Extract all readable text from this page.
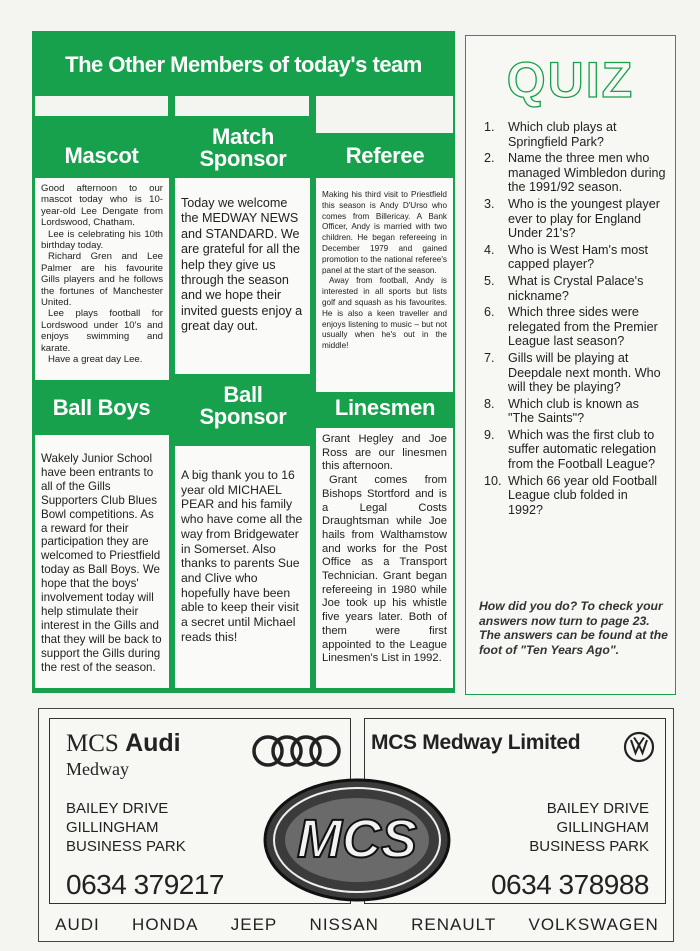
The Other Members of today's team
Mascot
Match
Sponsor	Referee

Good afternoon to our mascot today who is 10-year-old Lee Dengate from Lordswood, Chatham.

Lee is celebrating his 10th birthday today.

Richard Gren and Lee Palmer are his favourite Gills players and he follows the fortunes of Manchester United.

Lee plays football for Lordswood under 10's and enjoys swimming and karate.

Have a great day Lee.

Today we welcome the MEDWAY NEWS and STANDARD. We are grateful for all the help they give us through the season and we hope their invited guests enjoy a great day out.

Making his third visit to Priestfield this season is Andy D'Urso who comes from Billericay. A Bank Officer, Andy is married with two children. He began refereeing in December 1979 and gained promotion to the national referee's panel at the start of the season.

Away from football, Andy is interested in all sports but lists golf and squash as his favourites. He is also a keen traveller and enjoys listening to music – but not usually when he's out in the middle!

Ball Boys
Ball
Sponsor	Linesmen

Wakely Junior School have been entrants to all of the Gills Supporters Club Blues Bowl competitions. As a reward for their participation they are welcomed to Priestfield today as Ball Boys. We hope that the boys' involvement today will help stimulate their interest in the Gills and that they will be back to support the Gills during the rest of the season.

A big thank you to 16 year old MICHAEL PEAR and his family who have come all the way from Bridgewater in Somerset. Also thanks to parents Sue and Clive who hopefully have been able to keep their visit a secret until Michael reads this!

Grant Hegley and Joe Ross are our linesmen this afternoon.

Grant comes from Bishops Stortford and is a Legal Costs Draughtsman while Joe hails from Walthamstow and works for the Post Office as a Transport Technician. Grant began refereeing in 1980 while Joe took up his whistle five years later. Both of them were first appointed to the League Linesmen's List in 1992.

QUIZ
1.	Which club plays at Springfield Park?
2.	Name the three men who managed Wimbledon during the 1991/92 season.
3.	Who is the youngest player ever to play for England Under 21's?
4.	Who is West Ham's most capped player?
5.	What is Crystal Palace's nickname?
6.	Which three sides were relegated from the Premier League last season?
7.	Gills will be playing at Deepdale next month. Who will they be playing?
8.	Which club is known as "The Saints"?
9.	Which was the first club to suffer automatic relegation from the Football League?
10. Which 66 year old Football League club folded in 1992?
How did you do? To check your answers now turn to page 23. The answers can be found at the foot of "Ten Years Ago".
MCS Audi
Medway
BAILEY DRIVE
GILLINGHAM
BUSINESS PARK
0634 379217
MCS Medway Limited
BAILEY DRIVE
GILLINGHAM
BUSINESS PARK
0634 378988
MCS
AUDI HONDA JEEP NISSAN RENAULT VOLKSWAGEN
